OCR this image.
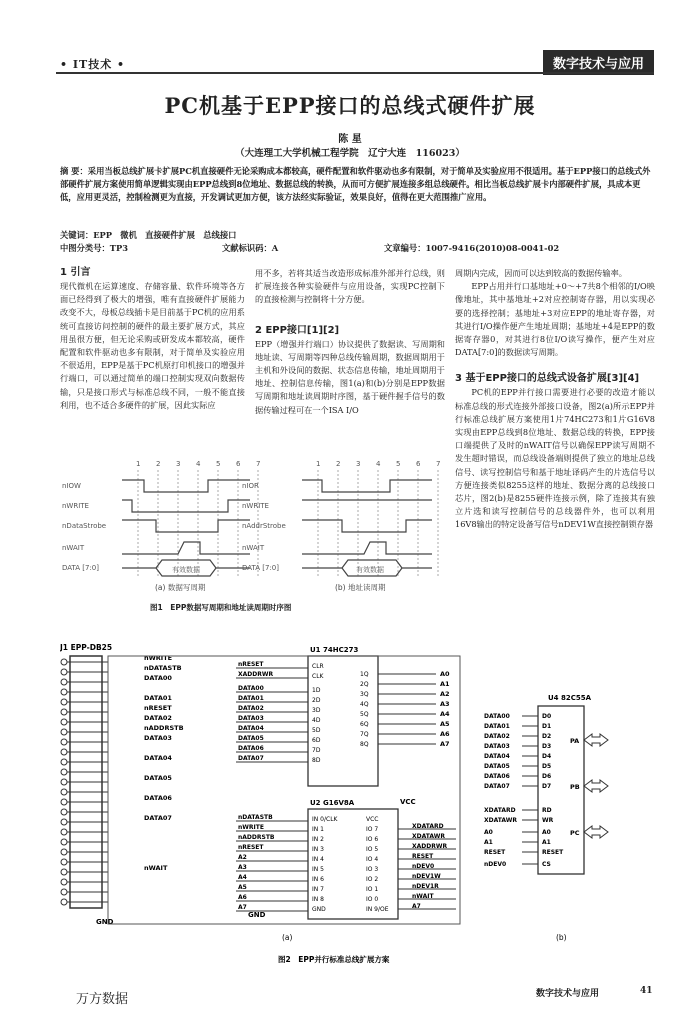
• IT技术 •	数字技术与应用
PC机基于EPP接口的总线式硬件扩展
陈 星
（大连理工大学机械工程学院　辽宁大连　116023）
摘 要：采用当板总线扩展卡扩展PC机直接硬件无论采购成本都较高，硬件配置和软件驱动也多有限制，对于简单及实验应用不很适用。基于EPP接口的总线式外部硬件扩展方案使用简单逻辑实现由EPP总线到8位地址、数据总线的转换，从而可方便扩展连接多组总线硬件。相比当板总线扩展卡内部硬件扩展，具成本更低，应用更灵活，控制检测更为直接，开发调试更加方便，该方法经实际验证，效果良好，值得在更大范围推广应用。
关键词：EPP　微机　直接硬件扩展　总线接口
中图分类号：TP3	文献标识码：A	文章编号：1007-9416(2010)08-0041-02
1 引言
现代微机在运算速度、存储容量、软件环境等各方面已经得到了极大的增强，唯有直接硬件扩展能力改变不大，母板总线插卡是目前基于PC机的应用系统可直接访问控制的硬件的最主要扩展方式，其应用虽很方便，但无论采购或研发成本都较高，硬件配置和软件驱动也多有限制，对于简单及实验应用不很适用，EPP是基于PC机原打印机接口的增强并行端口，可以通过简单的端口控制实现双向数据传输，只是接口形式与标准总线不同，一般不能直接利用，也不适合多硬件的扩展，因此实际应
用不多，若将其适当改造形成标准外部并行总线，则扩展连接各种实验硬件与应用设备，实现PC控制下的直接检测与控制将十分方便。
2 EPP接口[1][2]
EPP（增强并行端口）协议提供了数据读、写周期和地址读、写周期等四种总线传输周期，数据周期用于主机和外设间的数据、状态信息传输，地址周期用于地址、控制信息传输，图1(a)和(b)分别是EPP数据写周期和地址读周期时序图，基于硬件握手信号的数据传输过程可在一个ISA I/O
周期内完成，因而可以达到较高的数据传输率。
EPP占用并行口基地址+0～+7共8个相邻的I/O映像地址，其中基地址+2对应控制寄存器，用以实现必要的选择控制；基地址+3对应EPP的地址寄存器，对其进行I/O操作便产生地址周期；基地址+4是EPP的数据寄存器0，对其进行8位I/O读写操作，便产生对应DATA[7:0]的数据读写周期。
3 基于EPP接口的总线式设备扩展[3][4]
PC机的EPP并行接口需要进行必要的改造才能以标准总线的形式连接外部接口设备，图2(a)所示EPP并行标准总线扩展方案使用1片74HC273和1片G16V8实现由EPP总线到8位地址、数据总线的转换，EPP接口端提供了及时的nWAIT信号以确保EPP读写周期不发生超时错误，而总线设备端则提供了独立的地址总线信号、读写控制信号和基于地址译码产生的片选信号以方便连接类似8255这样的地址、数据分离的总线接口芯片，图2(b)是8255硬件连接示例，除了连接其有独立片选和读写控制信号的总线器件外，也可以利用16V8输出的特定设备写信号nDEV1W直接控制锁存器
1 2 3 4 5 6 7
nIOW
nWRITE
nDataStrobe
nWAIT
DATA [7:0]	有效数据
(a) 数据写周期
1 2 3 4 5 6 7
nIOR
nWRITE
nAddrStrobe
nWAIT
DATA [7:0]	有效数据
(b) 地址读周期
图1　EPP数据写周期和地址读周期时序图
J1 EPP-DB25
nWRITE
nDATASTB
DATA00
DATA01
nRESET
DATA02
nADDRSTB
DATA03
DATA04
DATA05
DATA06
DATA07
nWAIT
GND
U1 74HC273
nRESET	CLR
XADDRWR	CLK
DATA00	1D
DATA01	2D
DATA02	3D
DATA03	4D
DATA04	5D
DATA05	6D
DATA06	7D
DATA07	8D
1Q	A0
2Q	A1
3Q	A2
4Q	A3
5Q	A4
6Q	A5
7Q	A6
8Q	A7
U2 G16V8A	VCC
nDATASTB	IN 0/CLK	VCC
nWRITE	IN 1	IO 7
nADDRSTB	IN 2	IO 6
nRESET	IN 3	IO 5
A2	IN 4	IO 4
A3	IN 5	IO 3
A4	IN 6	IO 2
A5	IN 7	IO 1
A6	IN 8	IO 0
A7	GND	IN 9/OE
XDATARD
XDATAWR
XADDRWR
RESET
nDEV0
nDEV1W
nDEV1R
nWAIT
A7
GND
(a)
U4 82C55A
DATA00	D0
DATA01	D1
DATA02	D2
DATA03	D3
DATA04	D4
DATA05	D5
DATA06	D6
DATA07	D7
XDATARD	RD
XDATAWR	WR
A0	A0
A1	A1
RESET	RESET
nDEV0	CS
PA
PB
PC
(b)
图2　EPP并行标准总线扩展方案
万方数据	数字技术与应用	41
